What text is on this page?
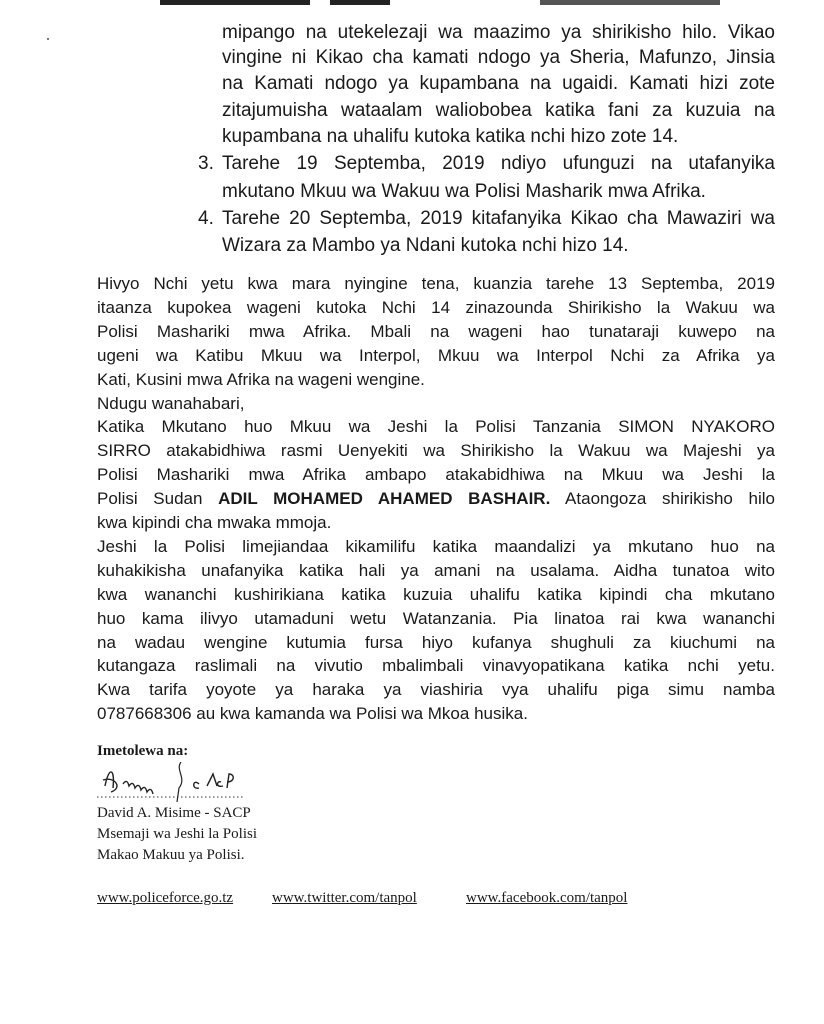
mipango na utekelezaji wa maazimo ya shirikisho hilo. Vikao
vingine ni Kikao cha kamati ndogo ya Sheria, Mafunzo, Jinsia
na Kamati ndogo ya kupambana na ugaidi. Kamati hizi zote
zitajumuisha wataalam waliobobea katika fani za kuzuia na
kupambana na uhalifu kutoka katika nchi hizo zote 14.
3. Tarehe 19 Septemba, 2019 ndiyo ufunguzi na utafanyika
mkutano Mkuu wa Wakuu wa Polisi Masharik mwa Afrika.
4. Tarehe 20 Septemba, 2019 kitafanyika Kikao cha Mawaziri wa
Wizara za Mambo ya Ndani kutoka nchi hizo 14.
Hivyo Nchi yetu kwa mara nyingine tena, kuanzia tarehe 13 Septemba, 2019
itaanza kupokea wageni kutoka Nchi 14 zinazounda Shirikisho la Wakuu wa
Polisi Mashariki mwa Afrika. Mbali na wageni hao tunataraji kuwepo na
ugeni wa Katibu Mkuu wa Interpol, Mkuu wa Interpol Nchi za Afrika ya
Kati, Kusini mwa Afrika na wageni wengine.
Ndugu wanahabari,
Katika Mkutano huo Mkuu wa Jeshi la Polisi Tanzania SIMON NYAKORO
SIRRO atakabidhiwa rasmi Uenyekiti wa Shirikisho la Wakuu wa Majeshi ya
Polisi Mashariki mwa Afrika ambapo atakabidhiwa na Mkuu wa Jeshi la
Polisi Sudan ADIL MOHAMED AHAMED BASHAIR. Ataongoza shirikisho hilo
kwa kipindi cha mwaka mmoja.
Jeshi la Polisi limejiandaa kikamilifu katika maandalizi ya mkutano huo na
kuhakikisha unafanyika katika hali ya amani na usalama. Aidha tunatoa wito
kwa wananchi kushirikiana katika kuzuia uhalifu katika kipindi cha mkutano
huo kama ilivyo utamaduni wetu Watanzania. Pia linatoa rai kwa wananchi
na wadau wengine kutumia fursa hiyo kufanya shughuli za kiuchumi na
kutangaza raslimali na vivutio mbalimbali vinavyopatikana katika nchi yetu.
Kwa tarifa yoyote ya haraka ya viashiria vya uhalifu piga simu namba
0787668306 au kwa kamanda wa Polisi wa Mkoa husika.
Imetolewa na:
David A. Misime - SACP
Msemaji wa Jeshi la Polisi
Makao Makuu ya Polisi.
www.policeforce.go.tz	www.twitter.com/tanpol	www.facebook.com/tanpol
